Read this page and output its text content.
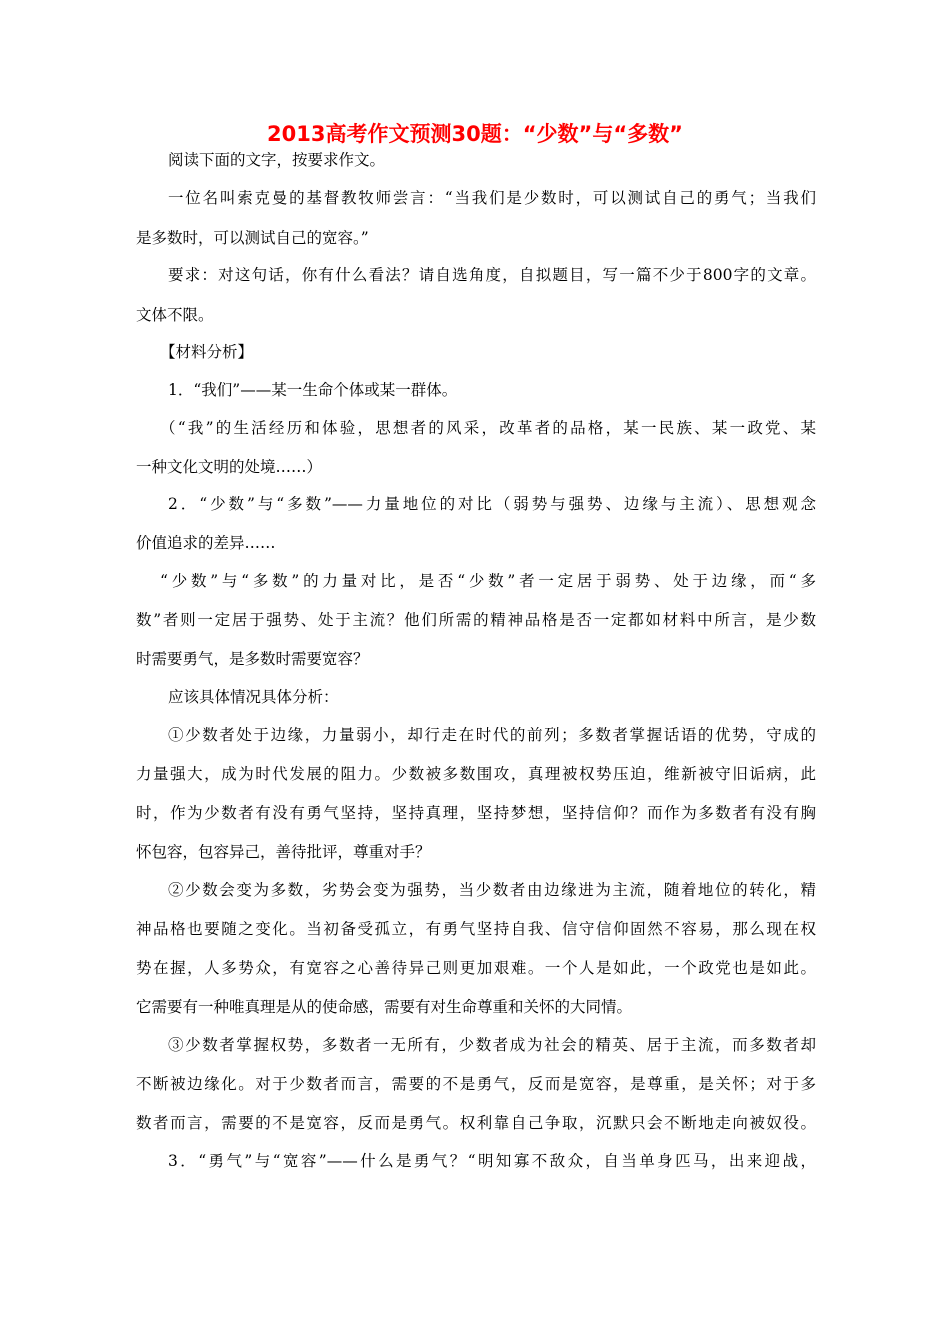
2013高考作文预测30题：“少数”与“多数”
阅读下面的文字，按要求作文。
一位名叫索克曼的基督教牧师尝言：“当我们是少数时，可以测试自己的勇气；当我们
是多数时，可以测试自己的宽容。”
要求：对这句话，你有什么看法？请自选角度，自拟题目，写一篇不少于800字的文章。
文体不限。
【材料分析】
1．“我们”——某一生命个体或某一群体。
（“我”的生活经历和体验，思想者的风采，改革者的品格，某一民族、某一政党、某
一种文化文明的处境……）
2．“少数”与“多数”——力量地位的对比（弱势与强势、边缘与主流）、思想观念
价值追求的差异……
“少数”与“多数”的力量对比，是否“少数”者一定居于弱势、处于边缘，而“多
数”者则一定居于强势、处于主流？他们所需的精神品格是否一定都如材料中所言，是少数
时需要勇气，是多数时需要宽容？
应该具体情况具体分析：
①少数者处于边缘，力量弱小，却行走在时代的前列；多数者掌握话语的优势，守成的
力量强大，成为时代发展的阻力。少数被多数围攻，真理被权势压迫，维新被守旧诟病，此
时，作为少数者有没有勇气坚持，坚持真理，坚持梦想，坚持信仰？而作为多数者有没有胸
怀包容，包容异己，善待批评，尊重对手？
②少数会变为多数，劣势会变为强势，当少数者由边缘进为主流，随着地位的转化，精
神品格也要随之变化。当初备受孤立，有勇气坚持自我、信守信仰固然不容易，那么现在权
势在握，人多势众，有宽容之心善待异己则更加艰难。一个人是如此，一个政党也是如此。
它需要有一种唯真理是从的使命感，需要有对生命尊重和关怀的大同情。
③少数者掌握权势，多数者一无所有，少数者成为社会的精英、居于主流，而多数者却
不断被边缘化。对于少数者而言，需要的不是勇气，反而是宽容，是尊重，是关怀；对于多
数者而言，需要的不是宽容，反而是勇气。权利靠自己争取，沉默只会不断地走向被奴役。
3．“勇气”与“宽容”——什么是勇气？“明知寡不敌众，自当单身匹马，出来迎战，
